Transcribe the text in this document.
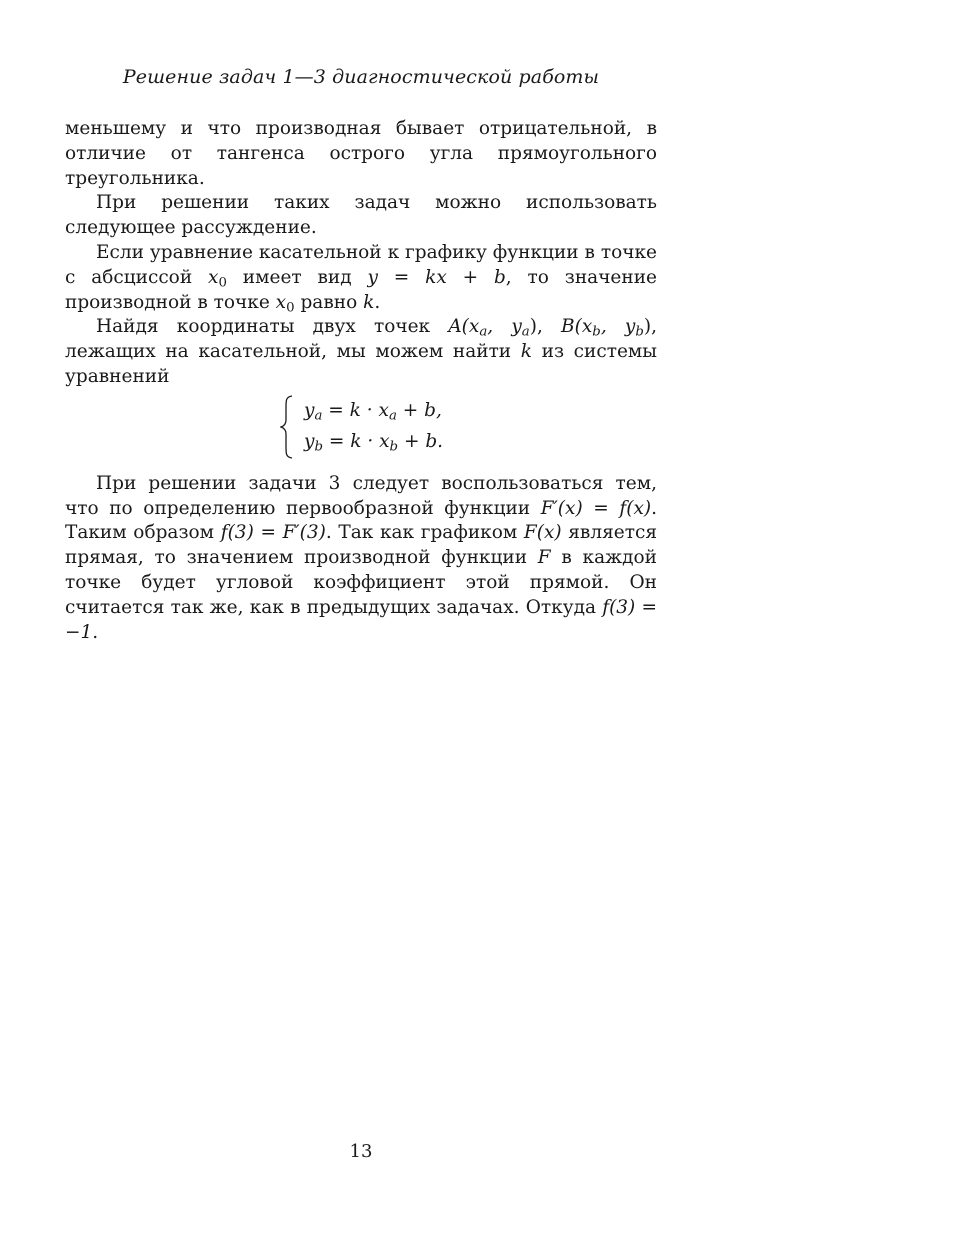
Решение задач 1—3 диагностической работы

меньшему и что производная бывает отрицательной, в отличие от тангенса острого угла прямоугольного треугольника.

При решении таких задач можно использовать следующее рассуждение.

Если уравнение касательной к графику функции в точке с абсциссой $x_0$ имеет вид y = kx + b, то значение производной в точке $x_0$ равно k.

Найдя координаты двух точек $A(x_a$, $y_a$), $B(x_b$, $y_b$), лежащих на касательной, мы можем найти k из системы уравнений

$y_a = k \cdot x_a + b$,
$y_b = k \cdot x_b + b$.

При решении задачи 3 следует воспользоваться тем, что по определению первообразной функции F′(x) = f(x). Таким образом f(3) = F′(3). Так как графиком F(x) является прямая, то значением производной функции F в каждой точке будет угловой коэффициент этой прямой. Он считается так же, как в предыдущих задачах. Откуда f(3) = −1.

13
